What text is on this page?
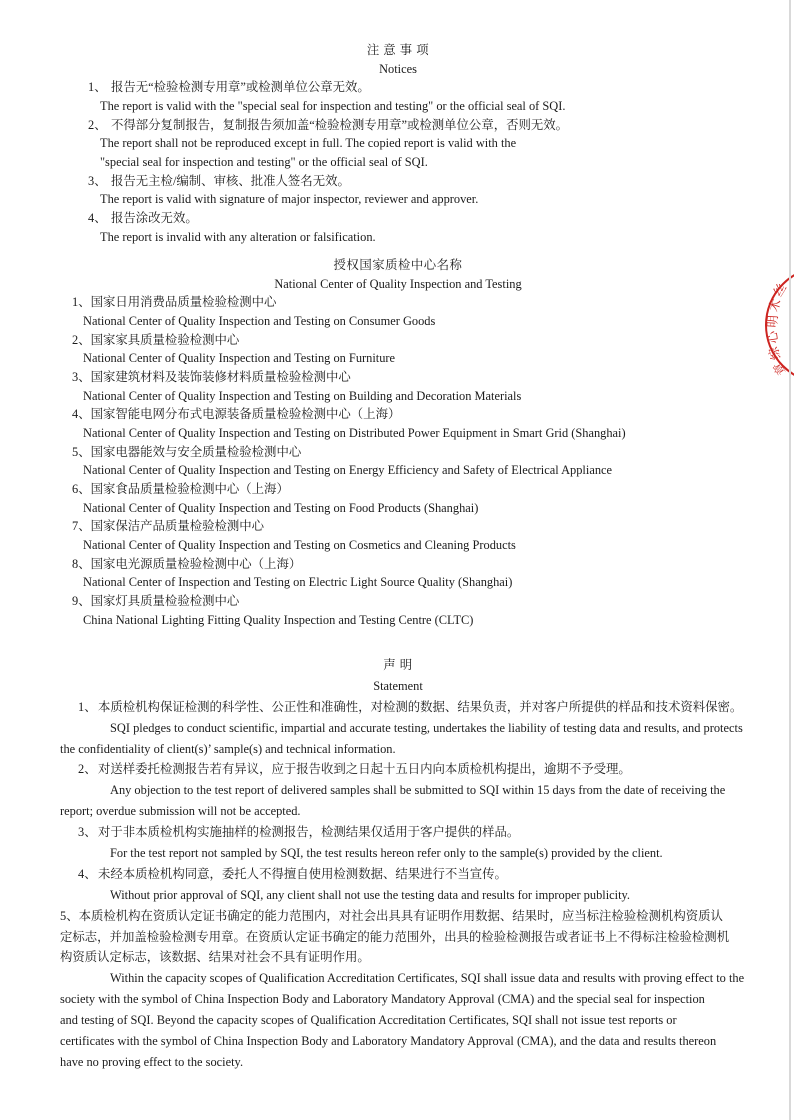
注 意 事 项
Notices
1、 报告无“检验检测专用章”或检测单位公章无效。
The report is valid with the "special seal for inspection and testing" or the official seal of SQI.
2、 不得部分复制报告，复制报告须加盖“检验检测专用章”或检测单位公章，否则无效。
The report shall not be reproduced except in full. The copied report is valid with the
"special seal for inspection and testing" or the official seal of SQI.
3、 报告无主检/编制、审核、批准人签名无效。
The report is valid with signature of major inspector, reviewer and approver.
4、 报告涂改无效。
The report is invalid with any alteration or falsification.
授权国家质检中心名称
National Center of Quality Inspection and Testing
1、国家日用消费品质量检验检测中心
National Center of Quality Inspection and Testing on Consumer Goods
2、国家家具质量检验检测中心
National Center of Quality Inspection and Testing on Furniture
3、国家建筑材料及装饰装修材料质量检验检测中心
National Center of Quality Inspection and Testing on Building and Decoration Materials
4、国家智能电网分布式电源装备质量检验检测中心（上海）
National Center of Quality Inspection and Testing on Distributed Power Equipment in Smart Grid (Shanghai)
5、国家电器能效与安全质量检验检测中心
National Center of Quality Inspection and Testing on Energy Efficiency and Safety of Electrical Appliance
6、国家食品质量检验检测中心（上海）
National Center of Quality Inspection and Testing on Food Products (Shanghai)
7、国家保洁产品质量检验检测中心
National Center of Quality Inspection and Testing on Cosmetics and Cleaning Products
8、国家电光源质量检验检测中心（上海）
National Center of Inspection and Testing on Electric Light Source Quality (Shanghai)
9、国家灯具质量检验检测中心
China National Lighting Fitting Quality Inspection and Testing Centre (CLTC)
声 明
Statement
1、本质检机构保证检测的科学性、公正性和准确性，对检测的数据、结果负责，并对客户所提供的样品和技术资料保密。
SQI pledges to conduct scientific, impartial and accurate testing, undertakes the liability of testing data and results, and protects
the confidentiality of client(s)’ sample(s) and technical information.
2、对送样委托检测报告若有异议，应于报告收到之日起十五日内向本质检机构提出，逾期不予受理。
Any objection to the test report of delivered samples shall be submitted to SQI within 15 days from the date of receiving the
report; overdue submission will not be accepted.
3、对于非本质检机构实施抽样的检测报告，检测结果仅适用于客户提供的样品。
For the test report not sampled by SQI, the test results hereon refer only to the sample(s) provided by the client.
4、未经本质检机构同意，委托人不得擅自使用检测数据、结果进行不当宣传。
Without prior approval of SQI, any client shall not use the testing data and results for improper publicity.
5、本质检机构在资质认定证书确定的能力范围内，对社会出具具有证明作用数据、结果时，应当标注检验检测机构资质认
定标志，并加盖检验检测专用章。在资质认定证书确定的能力范围外，出具的检验检测报告或者证书上不得标注检验检测机
构资质认定标志，该数据、结果对社会不具有证明作用。
Within the capacity scopes of Qualification Accreditation Certificates, SQI shall issue data and results with proving effect to the
society with the symbol of China Inspection Body and Laboratory Mandatory Approval (CMA) and the special seal for inspection
and testing of SQI. Beyond the capacity scopes of Qualification Accreditation Certificates, SQI shall not issue test reports or
certificates with the symbol of China Inspection Body and Laboratory Mandatory Approval (CMA), and the data and results thereon
have no proving effect to the society.
丝
术
明
心
综
章
